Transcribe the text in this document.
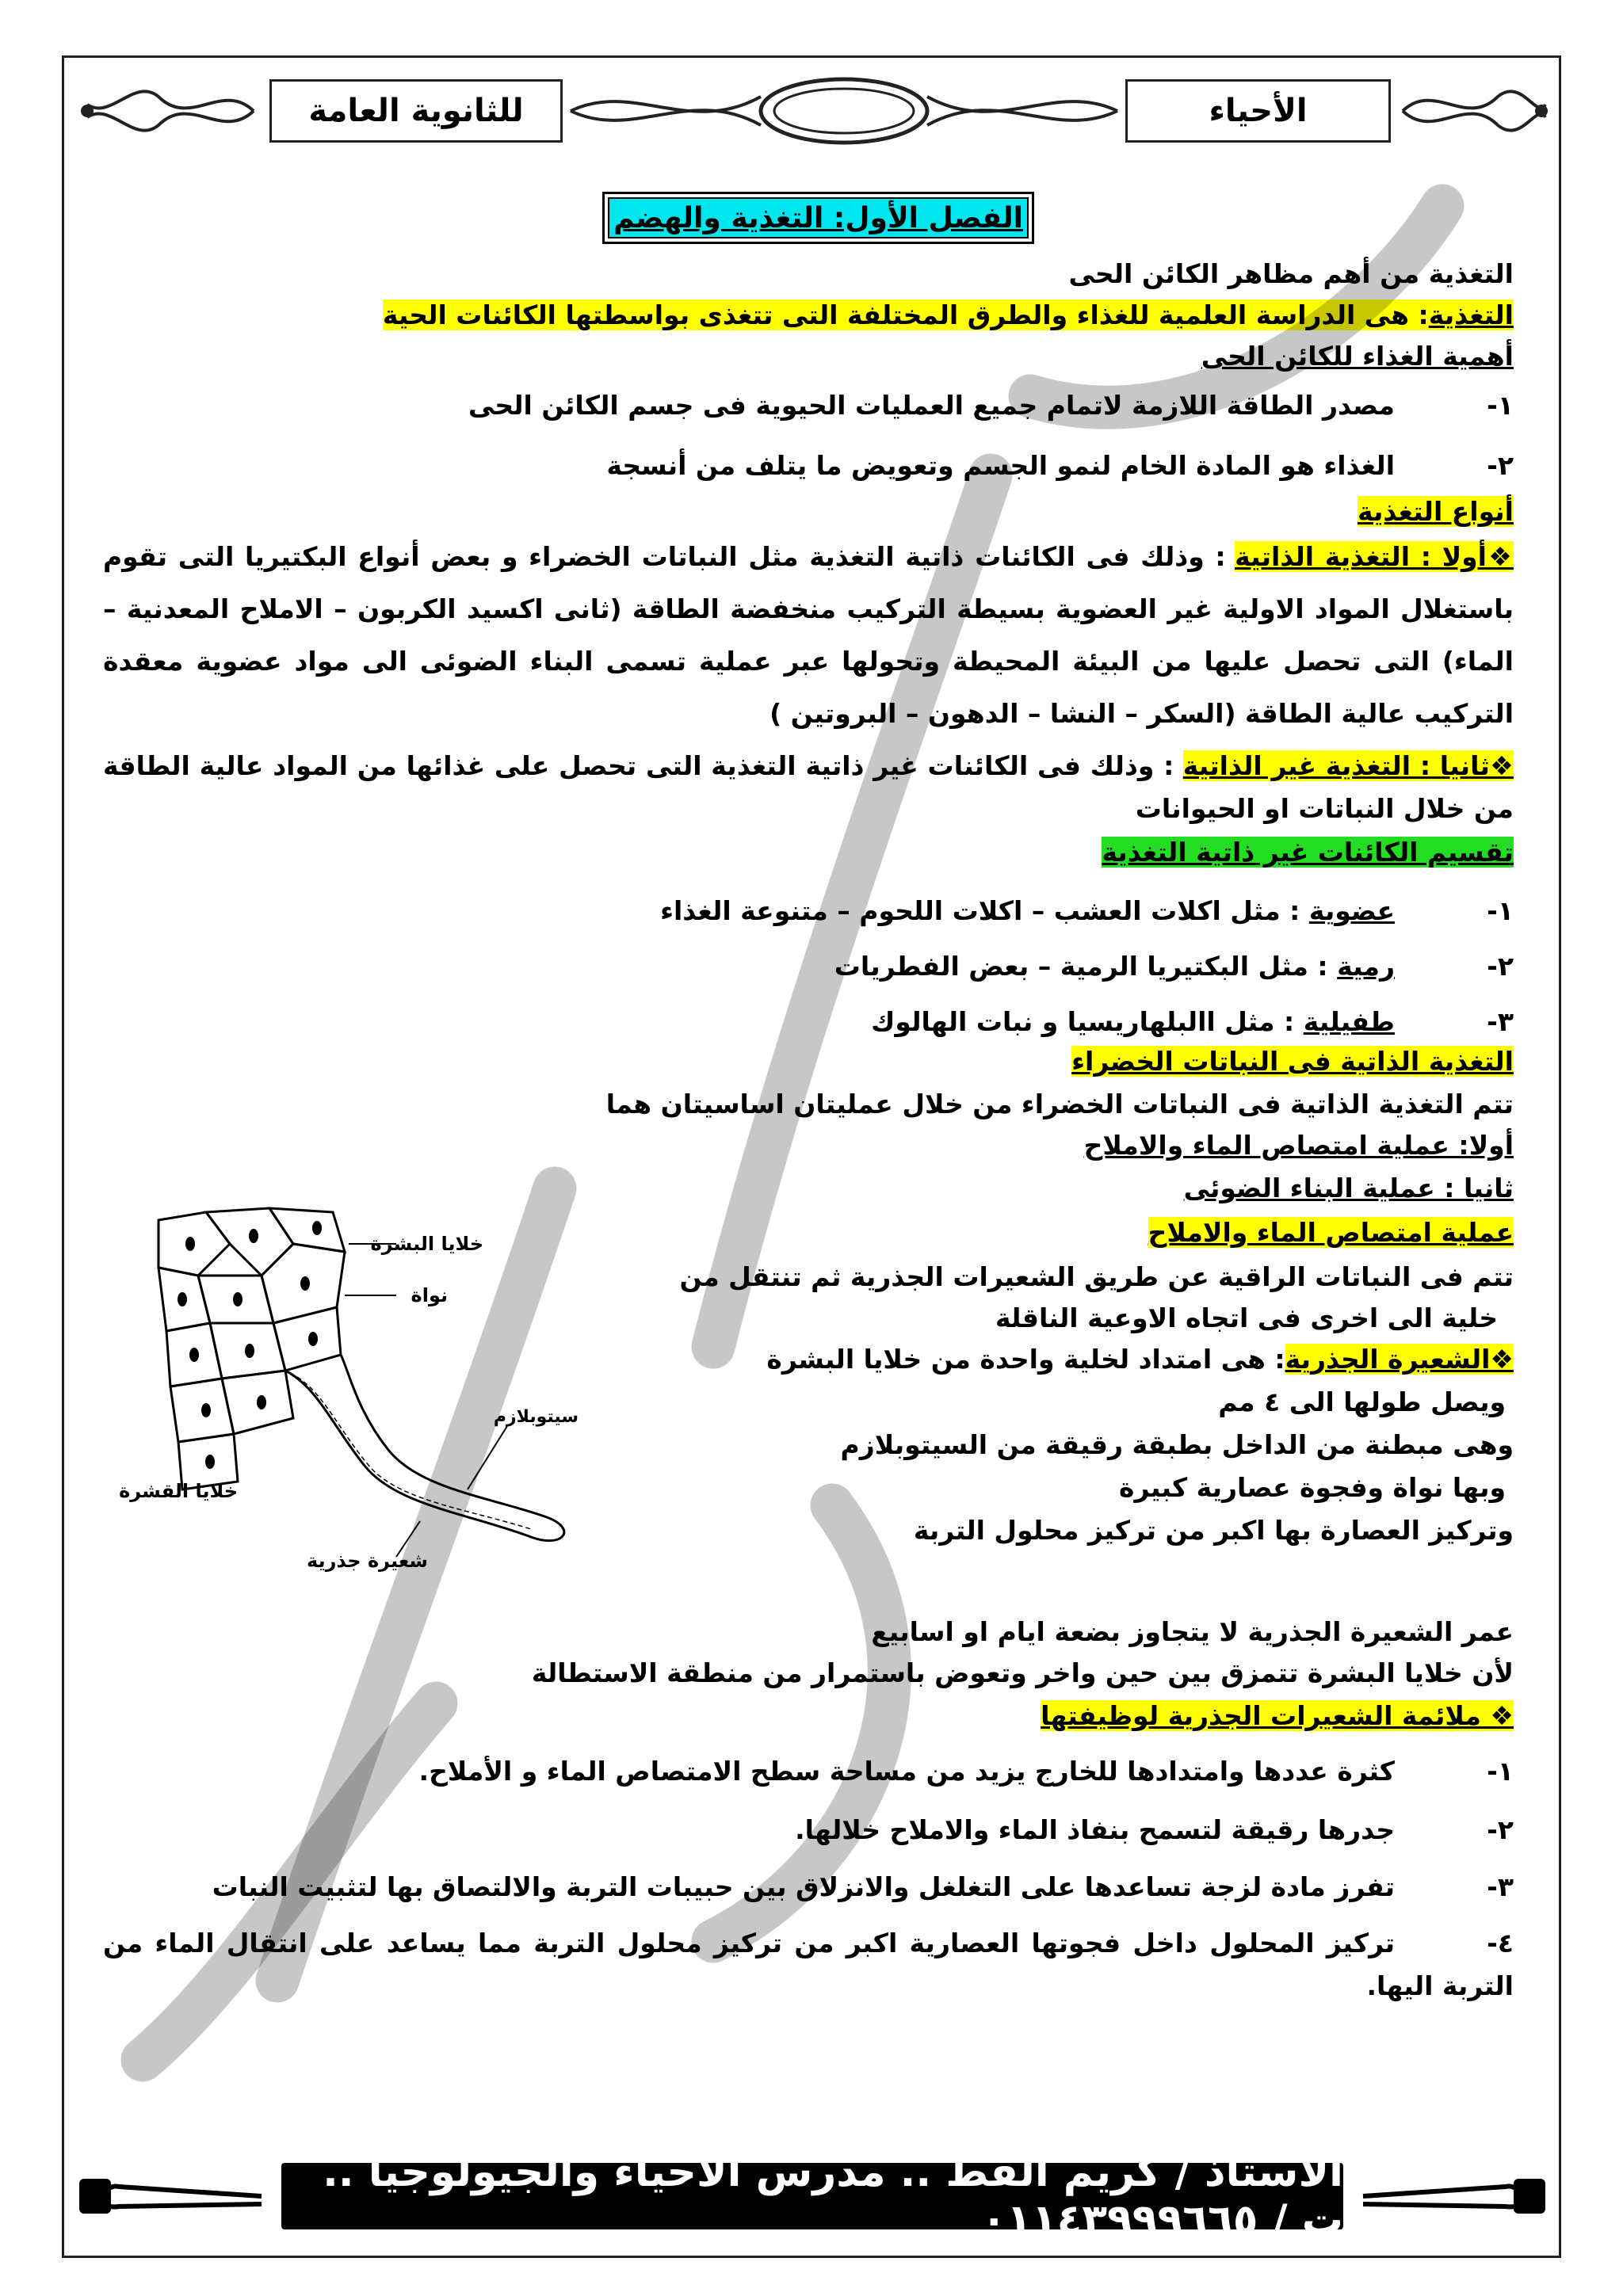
للثانوية العامة	الأحياء
الفصل الأول: التغذية والهضم
التغذية من أهم مظاهر الكائن الحى
التغذية: هى الدراسة العلمية للغذاء والطرق المختلفة التى تتغذى بواسطتها الكائنات الحية
أهمية الغذاء للكائن الحى
١-مصدر الطاقة اللازمة لاتمام جميع العمليات الحيوية فى جسم الكائن الحى
٢-الغذاء هو المادة الخام لنمو الجسم وتعويض ما يتلف من أنسجة
أنواع التغذية
❖أولا : التغذية الذاتية : وذلك فى الكائنات ذاتية التغذية مثل النباتات الخضراء و بعض أنواع البكتيريا التى تقوم باستغلال المواد الاولية غير العضوية بسيطة التركيب منخفضة الطاقة (ثانى اكسيد الكربون – الاملاح المعدنية – الماء) التى تحصل عليها من البيئة المحيطة وتحولها عبر عملية تسمى البناء الضوئى الى مواد عضوية معقدة التركيب عالية الطاقة (السكر – النشا – الدهون – البروتين )
❖ثانيا : التغذية غير الذاتية : وذلك فى الكائنات غير ذاتية التغذية التى تحصل على غذائها من المواد عالية الطاقة من خلال النباتات او الحيوانات
تقسيم الكائنات غير ذاتية التغذية
١-عضوية : مثل اكلات العشب – اكلات اللحوم – متنوعة الغذاء
٢-رمية : مثل البكتيريا الرمية – بعض الفطريات
٣-طفيلية : مثل االبلهاريسيا و نبات الهالوك
التغذية الذاتية فى النباتات الخضراء
تتم التغذية الذاتية فى النباتات الخضراء من خلال عمليتان اساسيتان هما
أولا: عملية امتصاص الماء والاملاح
ثانيا : عملية البناء الضوئى
عملية امتصاص الماء والاملاح
تتم فى النباتات الراقية عن طريق الشعيرات الجذرية ثم تنتقل من
خلية الى اخرى فى اتجاه الاوعية الناقلة
❖الشعيرة الجذرية: هى امتداد لخلية واحدة من خلايا البشرة
ويصل طولها الى ٤ مم
وهى مبطنة من الداخل بطبقة رقيقة من السيتوبلازم
وبها نواة وفجوة عصارية كبيرة
وتركيز العصارة بها اكبر من تركيز محلول التربة
عمر الشعيرة الجذرية لا يتجاوز بضعة ايام او اسابيع
لأن خلايا البشرة تتمزق بين حين واخر وتعوض باستمرار من منطقة الاستطالة
❖ ملائمة الشعيرات الجذرية لوظيفتها
١-كثرة عددها وامتدادها للخارج يزيد من مساحة سطح الامتصاص الماء و الأملاح.
٢-جدرها رقيقة لتسمح بنفاذ الماء والاملاح خلالها.
٣-تفرز مادة لزجة تساعدها على التغلغل والانزلاق بين حبيبات التربة والالتصاق بها لتثبيت النبات
٤-تركيز المحلول داخل فجوتها العصارية اكبر من تركيز محلول التربة مما يساعد على انتقال الماء من التربة اليها.
خلايا البشرة
نواة
سيتوبلازم
خلايا القشرة
شعيرة جذرية
الأستاذ / كريم القط .. مدرس الأحياء والجيولوجيا .. ت / ٠١١٤٣٩٩٩٦٦٥
